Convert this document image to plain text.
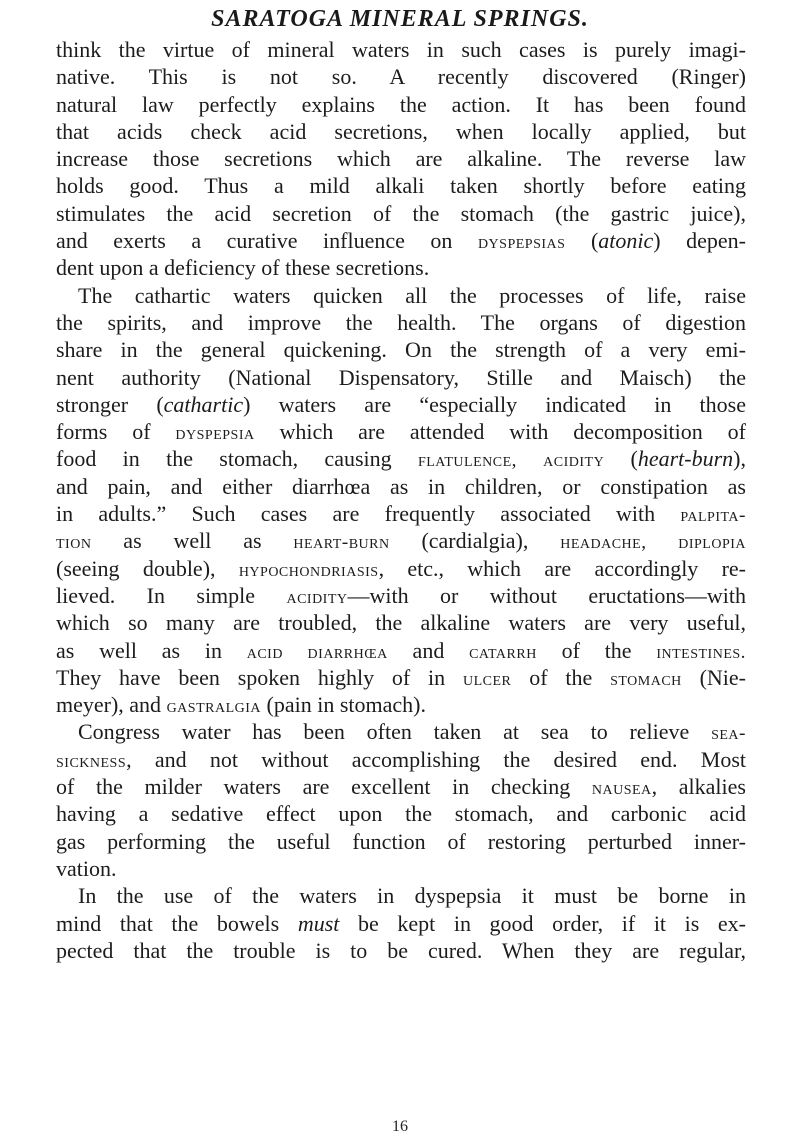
SARATOGA MINERAL SPRINGS.
think the virtue of mineral waters in such cases is purely imagi-
native. This is not so. A recently discovered (Ringer)
natural law perfectly explains the action. It has been found
that acids check acid secretions, when locally applied, but
increase those secretions which are alkaline. The reverse law
holds good. Thus a mild alkali taken shortly before eating
stimulates the acid secretion of the stomach (the gastric juice),
and exerts a curative influence on dyspepsias (atonic) depen-
dent upon a deficiency of these secretions.
The cathartic waters quicken all the processes of life, raise
the spirits, and improve the health. The organs of digestion
share in the general quickening. On the strength of a very emi-
nent authority (National Dispensatory, Stille and Maisch) the
stronger (cathartic) waters are “especially indicated in those
forms of dyspepsia which are attended with decomposition of
food in the stomach, causing flatulence, acidity (heart-burn),
and pain, and either diarrhœa as in children, or constipation as
in adults.” Such cases are frequently associated with palpita-
tion as well as heart-burn (cardialgia), headache, diplopia
(seeing double), hypochondriasis, etc., which are accordingly re-
lieved. In simple acidity—with or without eructations—with
which so many are troubled, the alkaline waters are very useful,
as well as in acid diarrhœa and catarrh of the intestines.
They have been spoken highly of in ulcer of the stomach (Nie-
meyer), and gastralgia (pain in stomach).
Congress water has been often taken at sea to relieve sea-
sickness, and not without accomplishing the desired end. Most
of the milder waters are excellent in checking nausea, alkalies
having a sedative effect upon the stomach, and carbonic acid
gas performing the useful function of restoring perturbed inner-
vation.
In the use of the waters in dyspepsia it must be borne in
mind that the bowels must be kept in good order, if it is ex-
pected that the trouble is to be cured. When they are regular,
16
